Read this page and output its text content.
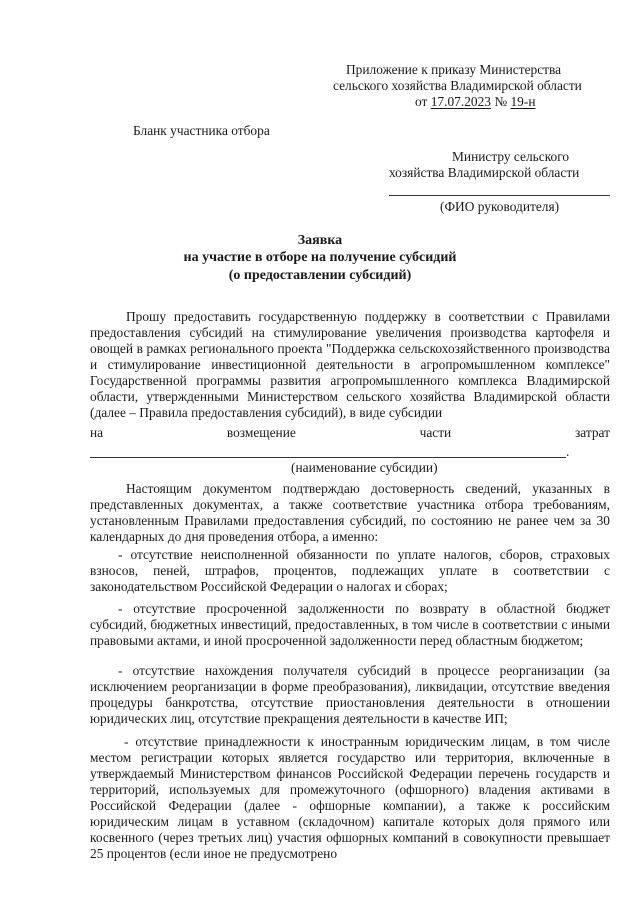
Приложение к приказу Министерства
сельского хозяйства Владимирской области
от 17.07.2023 № 19-н
Бланк участника отбора
Министру сельского
хозяйства Владимирской области
(ФИО руководителя)
Заявка
на участие в отборе на получение субсидий
(о предоставлении субсидий)
Прошу предоставить государственную поддержку в соответствии с Правилами предоставления субсидий на стимулирование увеличения производства картофеля и овощей в рамках регионального проекта "Поддержка сельскохозяйственного производства и стимулирование инвестиционной деятельности в агропромышленном комплексе" Государственной программы развития агропромышленного комплекса Владимирской области, утвержденными Министерством сельского хозяйства Владимирской области (далее – Правила предоставления субсидий), в виде субсидии
на	возмещение	части	затрат
.
(наименование субсидии)
Настоящим документом подтверждаю достоверность сведений, указанных в представленных документах, а также соответствие участника отбора требованиям, установленным Правилами предоставления субсидий, по состоянию не ранее чем за 30 календарных дo дня проведения отбора, а именно:
- отсутствие неисполненной обязанности по уплате налогов, сборов, страховых взносов, пеней, штрафов, процентов, подлежащих уплате в соответствии с законодательством Российской Федерации о налогах и сборах;
- отсутствие просроченной задолженности по возврату в областной бюджет субсидий, бюджетных инвестиций, предоставленных, в том числе в соответствии с иными правовыми актами, и иной просроченной задолженности перед областным бюджетом;
- отсутствие нахождения получателя субсидий в процессе реорганизации (за исключением реорганизации в форме преобразования), ликвидации, отсутствие введения процедуры банкротства, отсутствие приостановления деятельности в отношении юридических лиц, отсутствие прекращения деятельности в качестве ИП;
- отсутствие принадлежности к иностранным юридическим лицам, в том числе местом регистрации которых является государство или территория, включенные в утверждаемый Министерством финансов Российской Федерации перечень государств и территорий, используемых для промежуточного (офшорного) владения активами в Российской Федерации (далее - офшорные компании), а также к российским юридическим лицам в уставном (складочном) капитале которых доля прямого или косвенного (через третьих лиц) участия офшорных компаний в совокупности превышает 25 процентов (если иное не предусмотрено
